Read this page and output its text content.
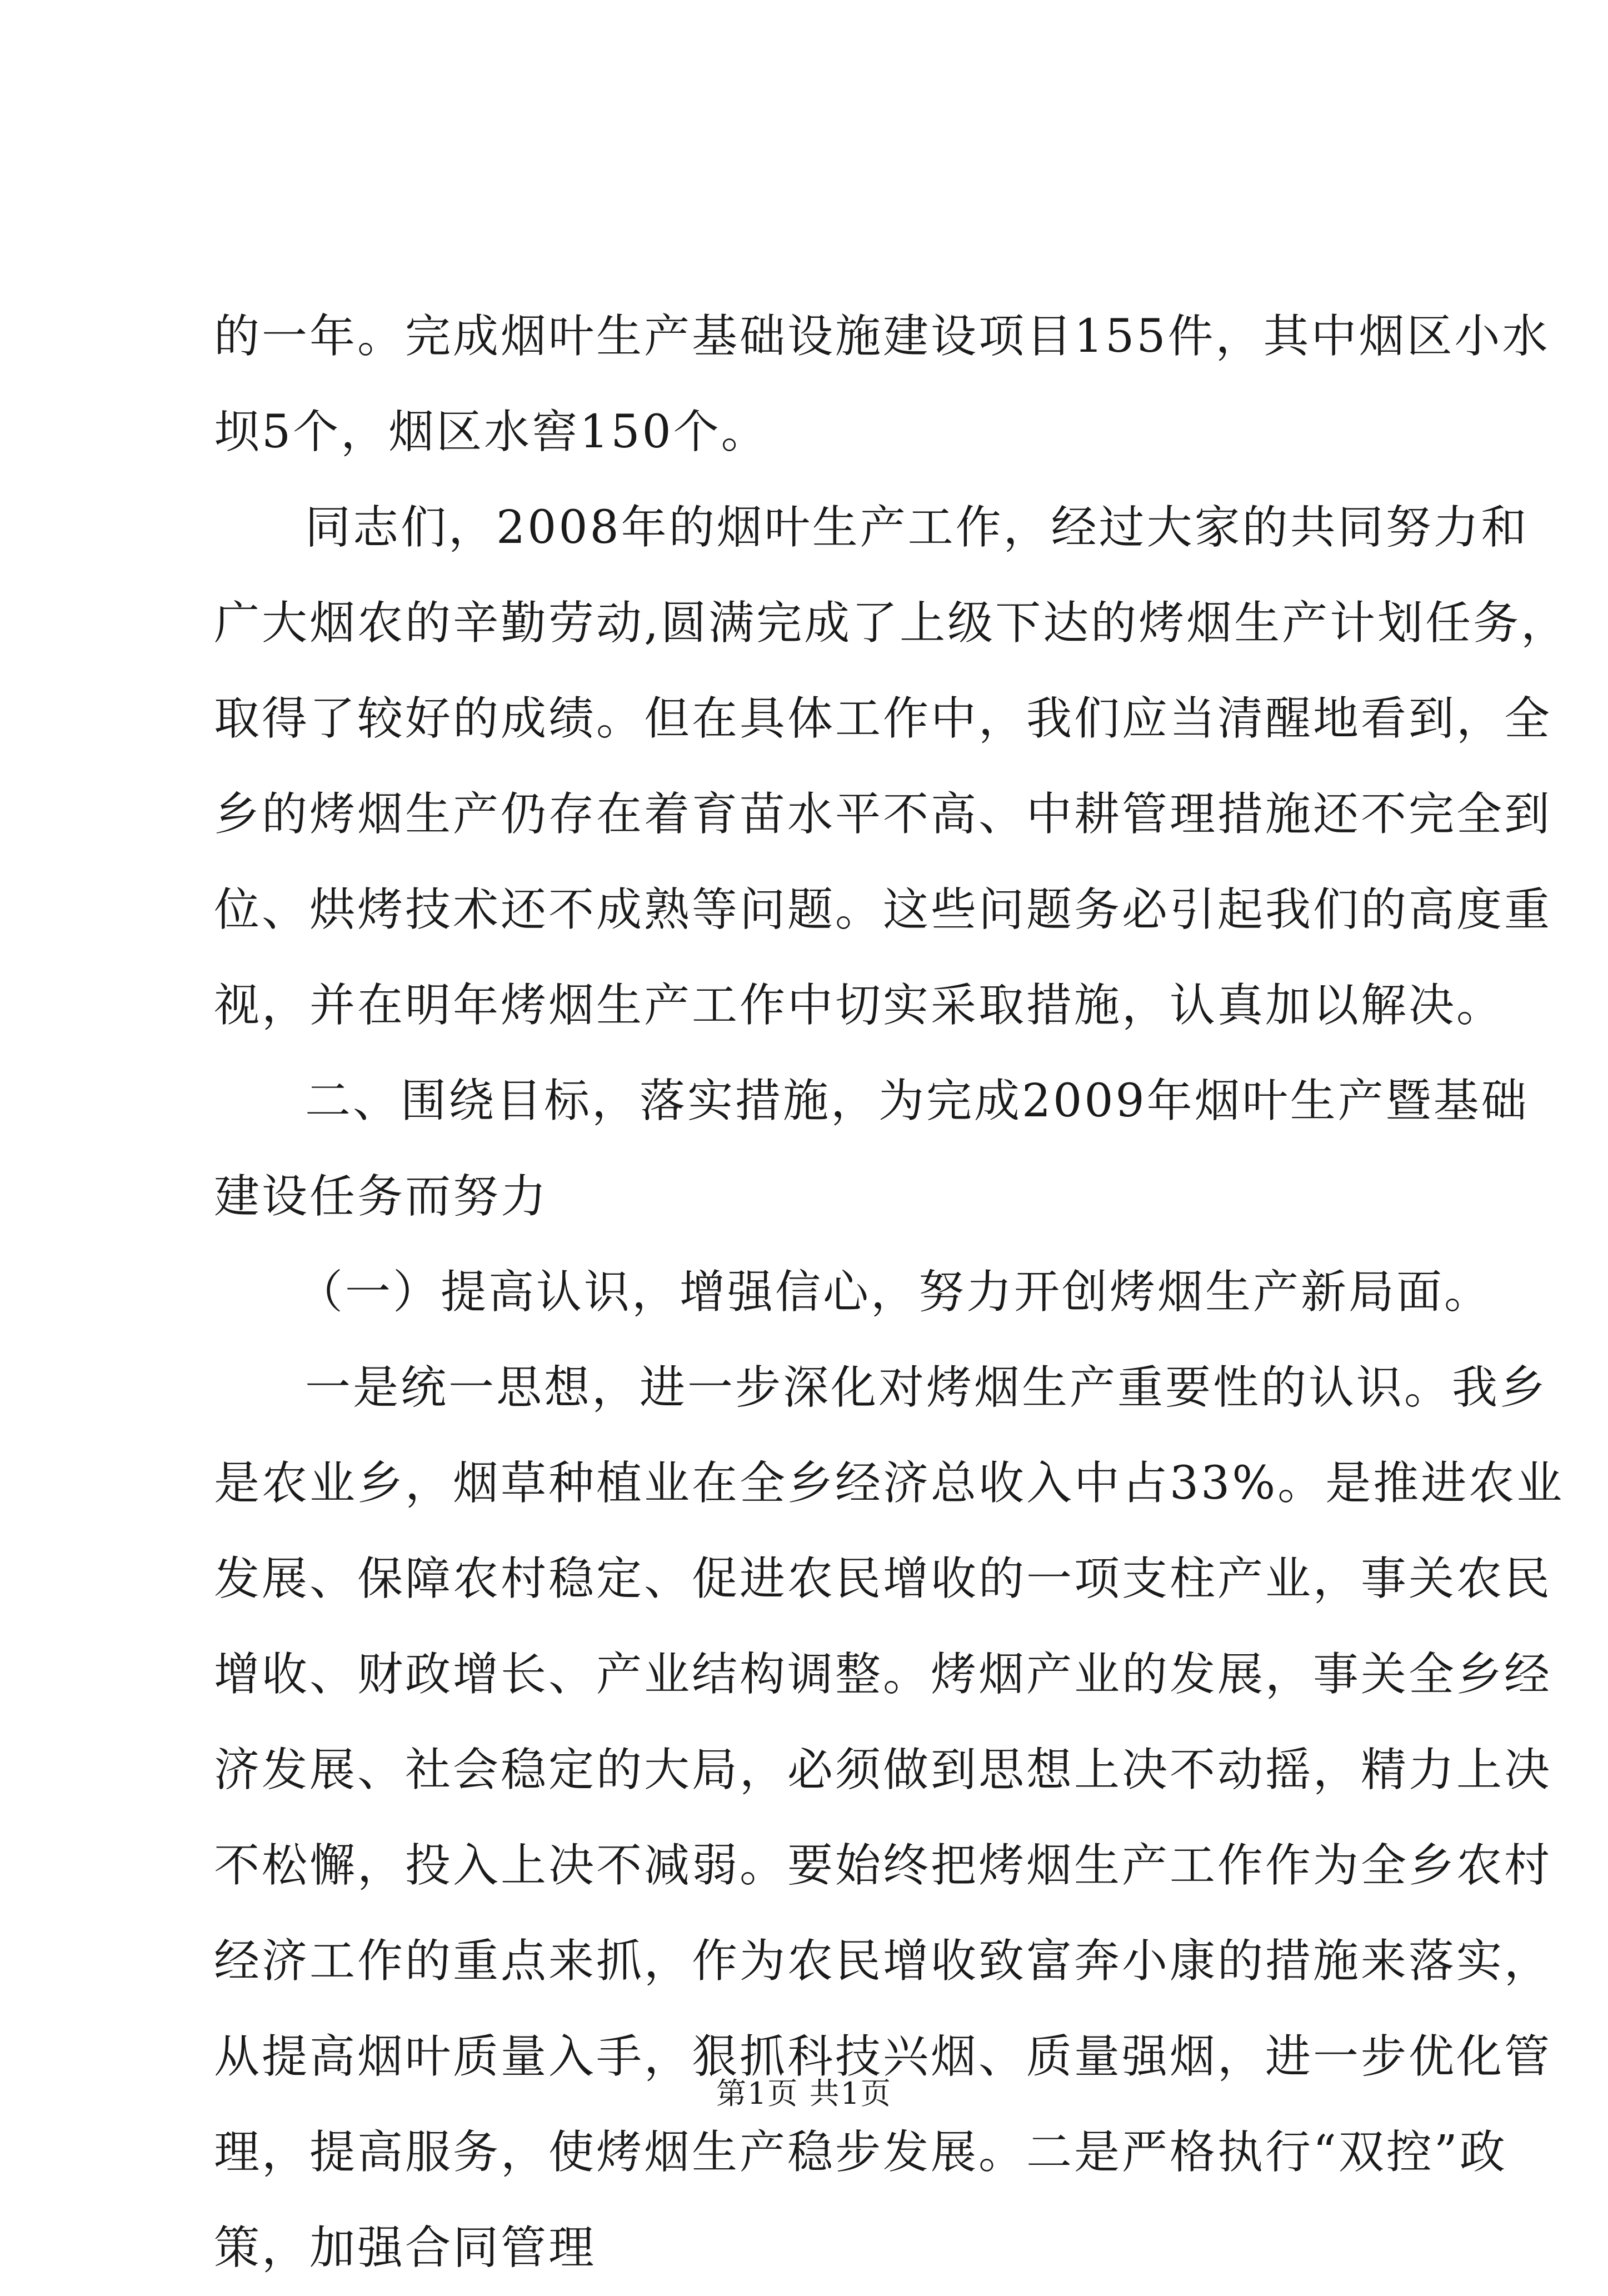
的一年。完成烟叶生产基础设施建设项目155件，其中烟区小水
坝5个，烟区水窖150个。
同志们，2008年的烟叶生产工作，经过大家的共同努力和
广大烟农的辛勤劳动,圆满完成了上级下达的烤烟生产计划任务，
取得了较好的成绩。但在具体工作中，我们应当清醒地看到，全
乡的烤烟生产仍存在着育苗水平不高、中耕管理措施还不完全到
位、烘烤技术还不成熟等问题。这些问题务必引起我们的高度重
视，并在明年烤烟生产工作中切实采取措施，认真加以解决。
二、围绕目标，落实措施，为完成2009年烟叶生产暨基础
建设任务而努力
（一）提高认识，增强信心，努力开创烤烟生产新局面。
一是统一思想，进一步深化对烤烟生产重要性的认识。我乡
是农业乡，烟草种植业在全乡经济总收入中占33%。是推进农业
发展、保障农村稳定、促进农民增收的一项支柱产业，事关农民
增收、财政增长、产业结构调整。烤烟产业的发展，事关全乡经
济发展、社会稳定的大局，必须做到思想上决不动摇，精力上决
不松懈，投入上决不减弱。要始终把烤烟生产工作作为全乡农村
经济工作的重点来抓，作为农民增收致富奔小康的措施来落实，
从提高烟叶质量入手，狠抓科技兴烟、质量强烟，进一步优化管
理，提高服务，使烤烟生产稳步发展。二是严格执行“双控”政
策，加强合同管理
第1页 共1页
